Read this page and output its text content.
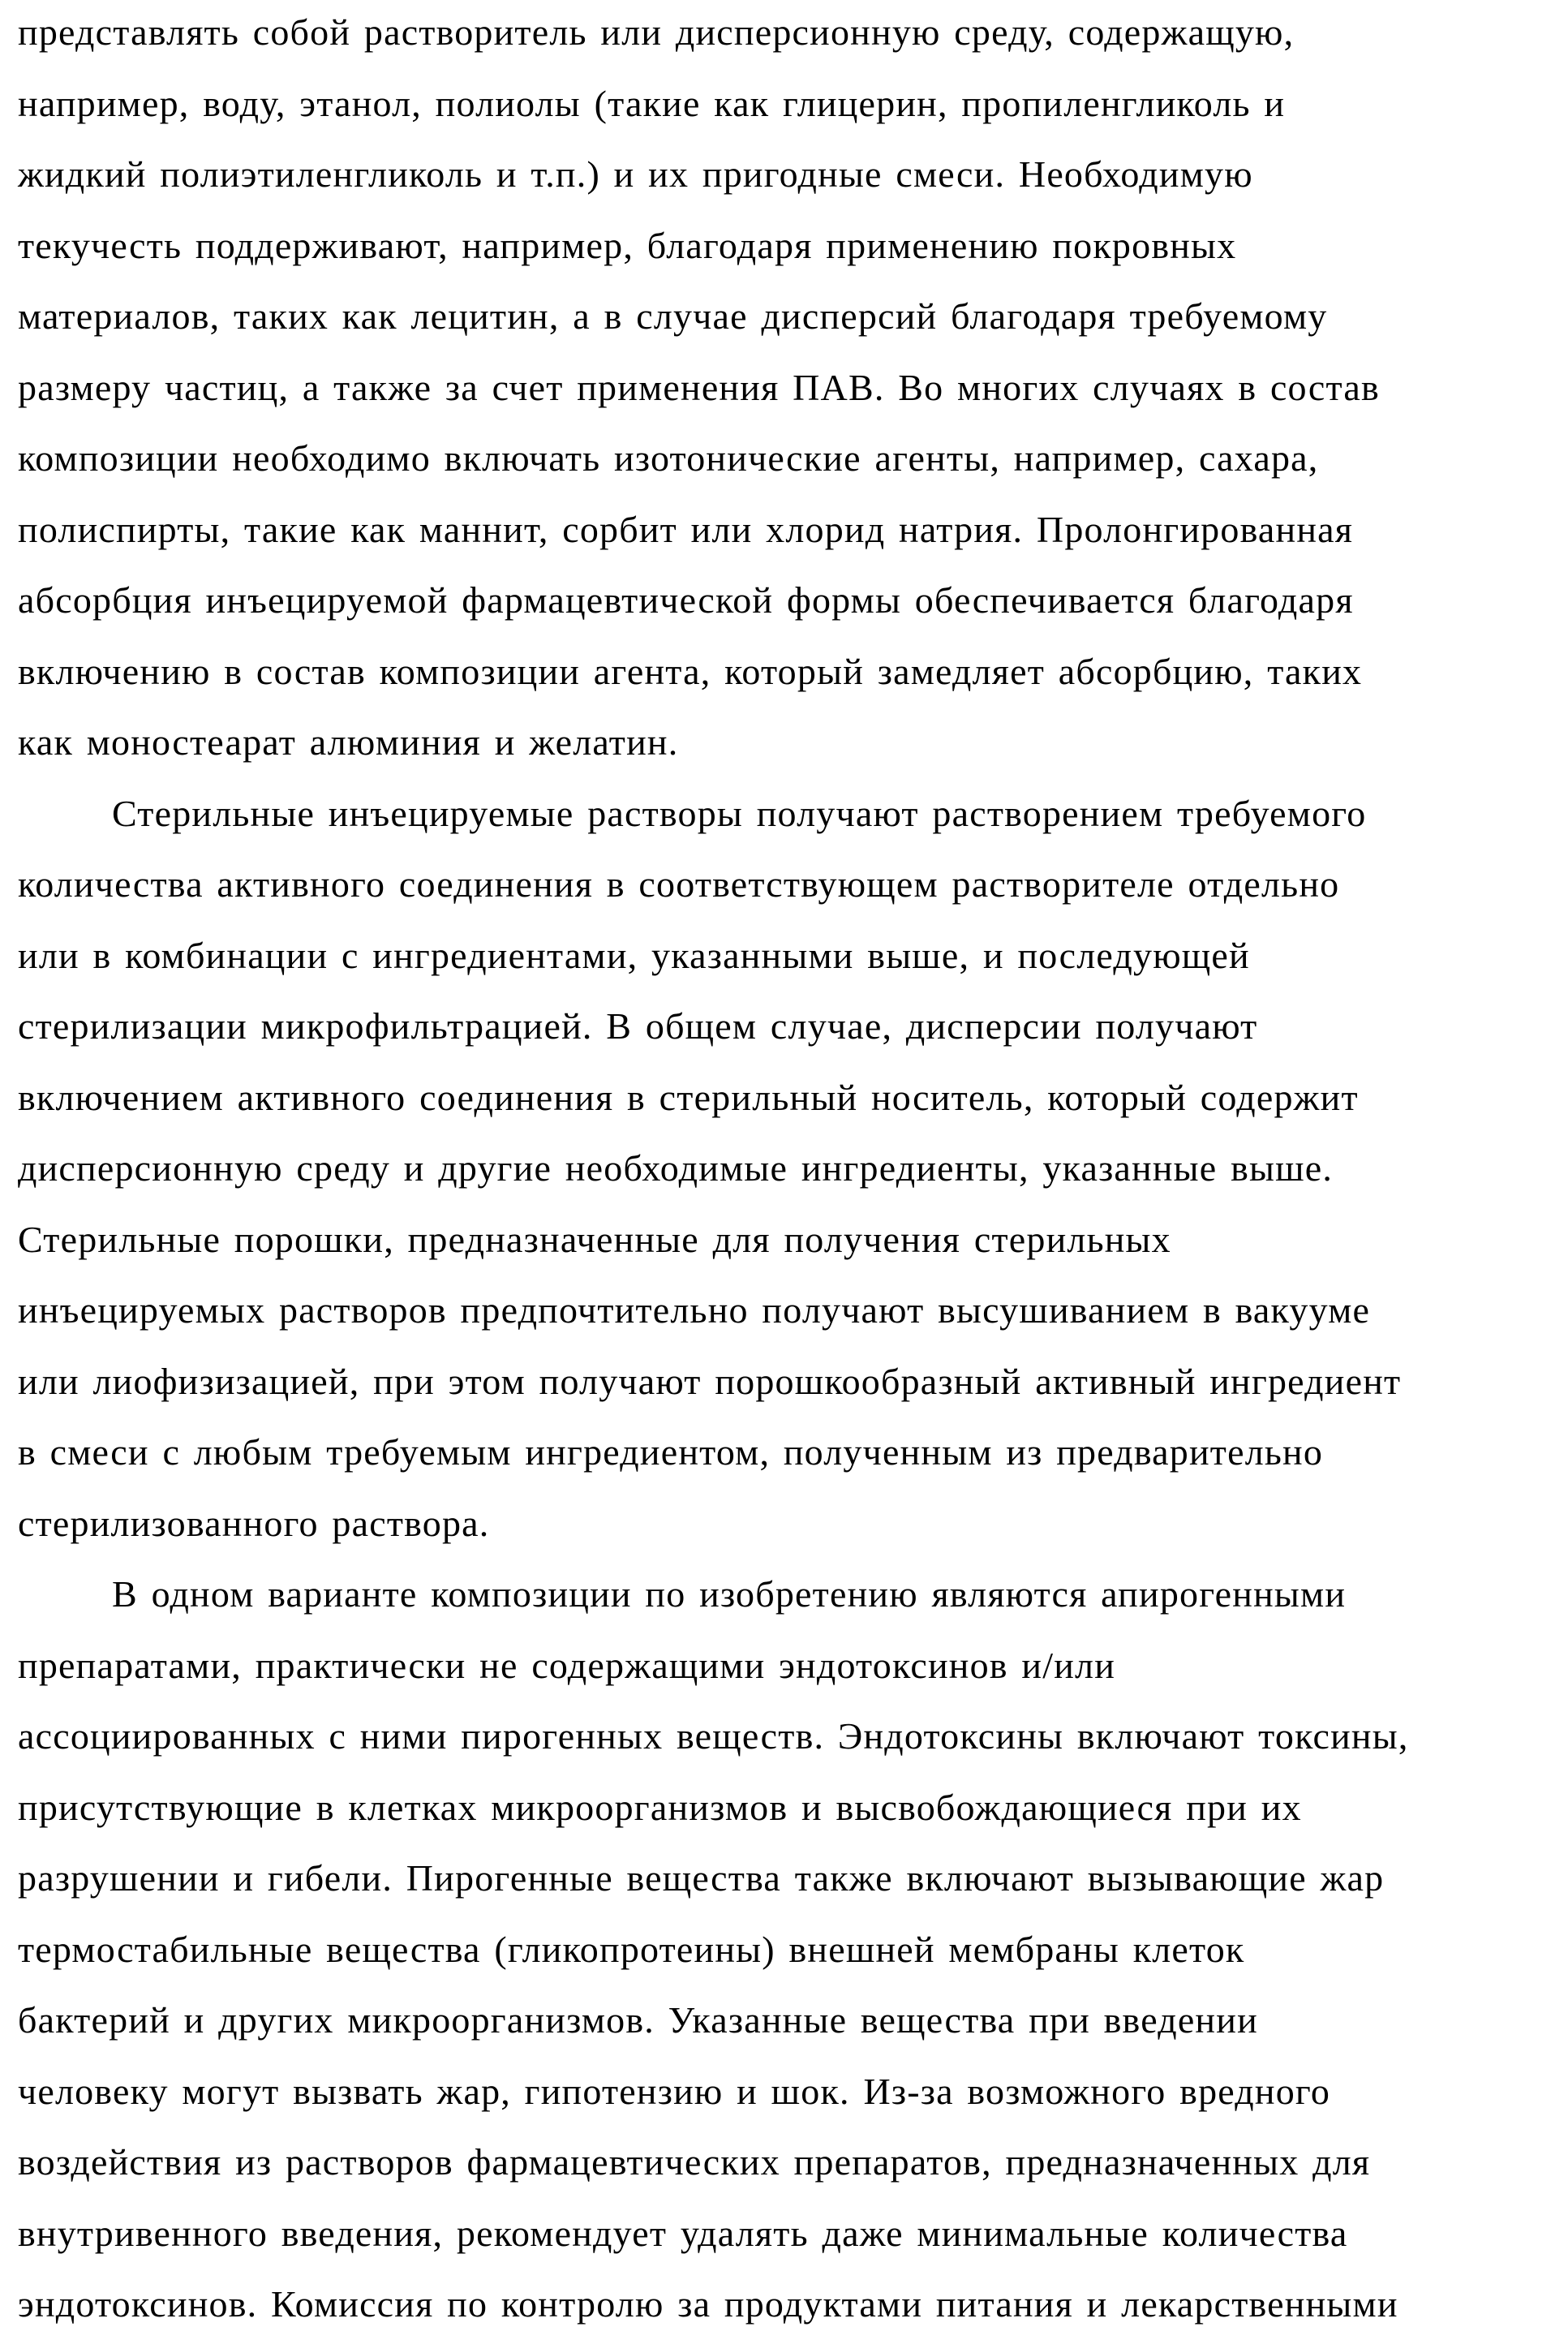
представлять собой растворитель или дисперсионную среду, содержащую,
например, воду, этанол, полиолы (такие как глицерин, пропиленгликоль и
жидкий полиэтиленгликоль и т.п.) и их пригодные смеси. Необходимую
текучесть поддерживают, например, благодаря применению покровных
материалов, таких как лецитин, а в случае дисперсий благодаря требуемому
размеру частиц, а также за счет применения ПАВ. Во многих случаях в состав
композиции необходимо включать изотонические агенты, например, сахара,
полиспирты, такие как маннит, сорбит или хлорид натрия. Пролонгированная
абсорбция инъецируемой фармацевтической формы обеспечивается благодаря
включению в состав композиции агента, который замедляет абсорбцию, таких
как моностеарат алюминия и желатин.
Стерильные инъецируемые растворы получают растворением требуемого
количества активного соединения в соответствующем растворителе отдельно
или в комбинации с ингредиентами, указанными выше, и последующей
стерилизации микрофильтрацией. В общем случае, дисперсии получают
включением активного соединения в стерильный носитель, который содержит
дисперсионную среду и другие необходимые ингредиенты, указанные выше.
Стерильные порошки, предназначенные для получения стерильных
инъецируемых растворов предпочтительно получают высушиванием в вакууме
или лиофизизацией, при этом получают порошкообразный активный ингредиент
в смеси с любым требуемым ингредиентом, полученным из предварительно
стерилизованного раствора.
В одном варианте композиции по изобретению являются апирогенными
препаратами, практически не содержащими эндотоксинов и/или
ассоциированных с ними пирогенных веществ. Эндотоксины включают токсины,
присутствующие в клетках микроорганизмов и высвобождающиеся при их
разрушении и гибели. Пирогенные вещества также включают вызывающие жар
термостабильные вещества (гликопротеины) внешней мембраны клеток
бактерий и других микроорганизмов. Указанные вещества при введении
человеку могут вызвать жар, гипотензию и шок. Из-за возможного вредного
воздействия из растворов фармацевтических препаратов, предназначенных для
внутривенного введения, рекомендует удалять даже минимальные количества
эндотоксинов. Комиссия по контролю за продуктами питания и лекарственными
